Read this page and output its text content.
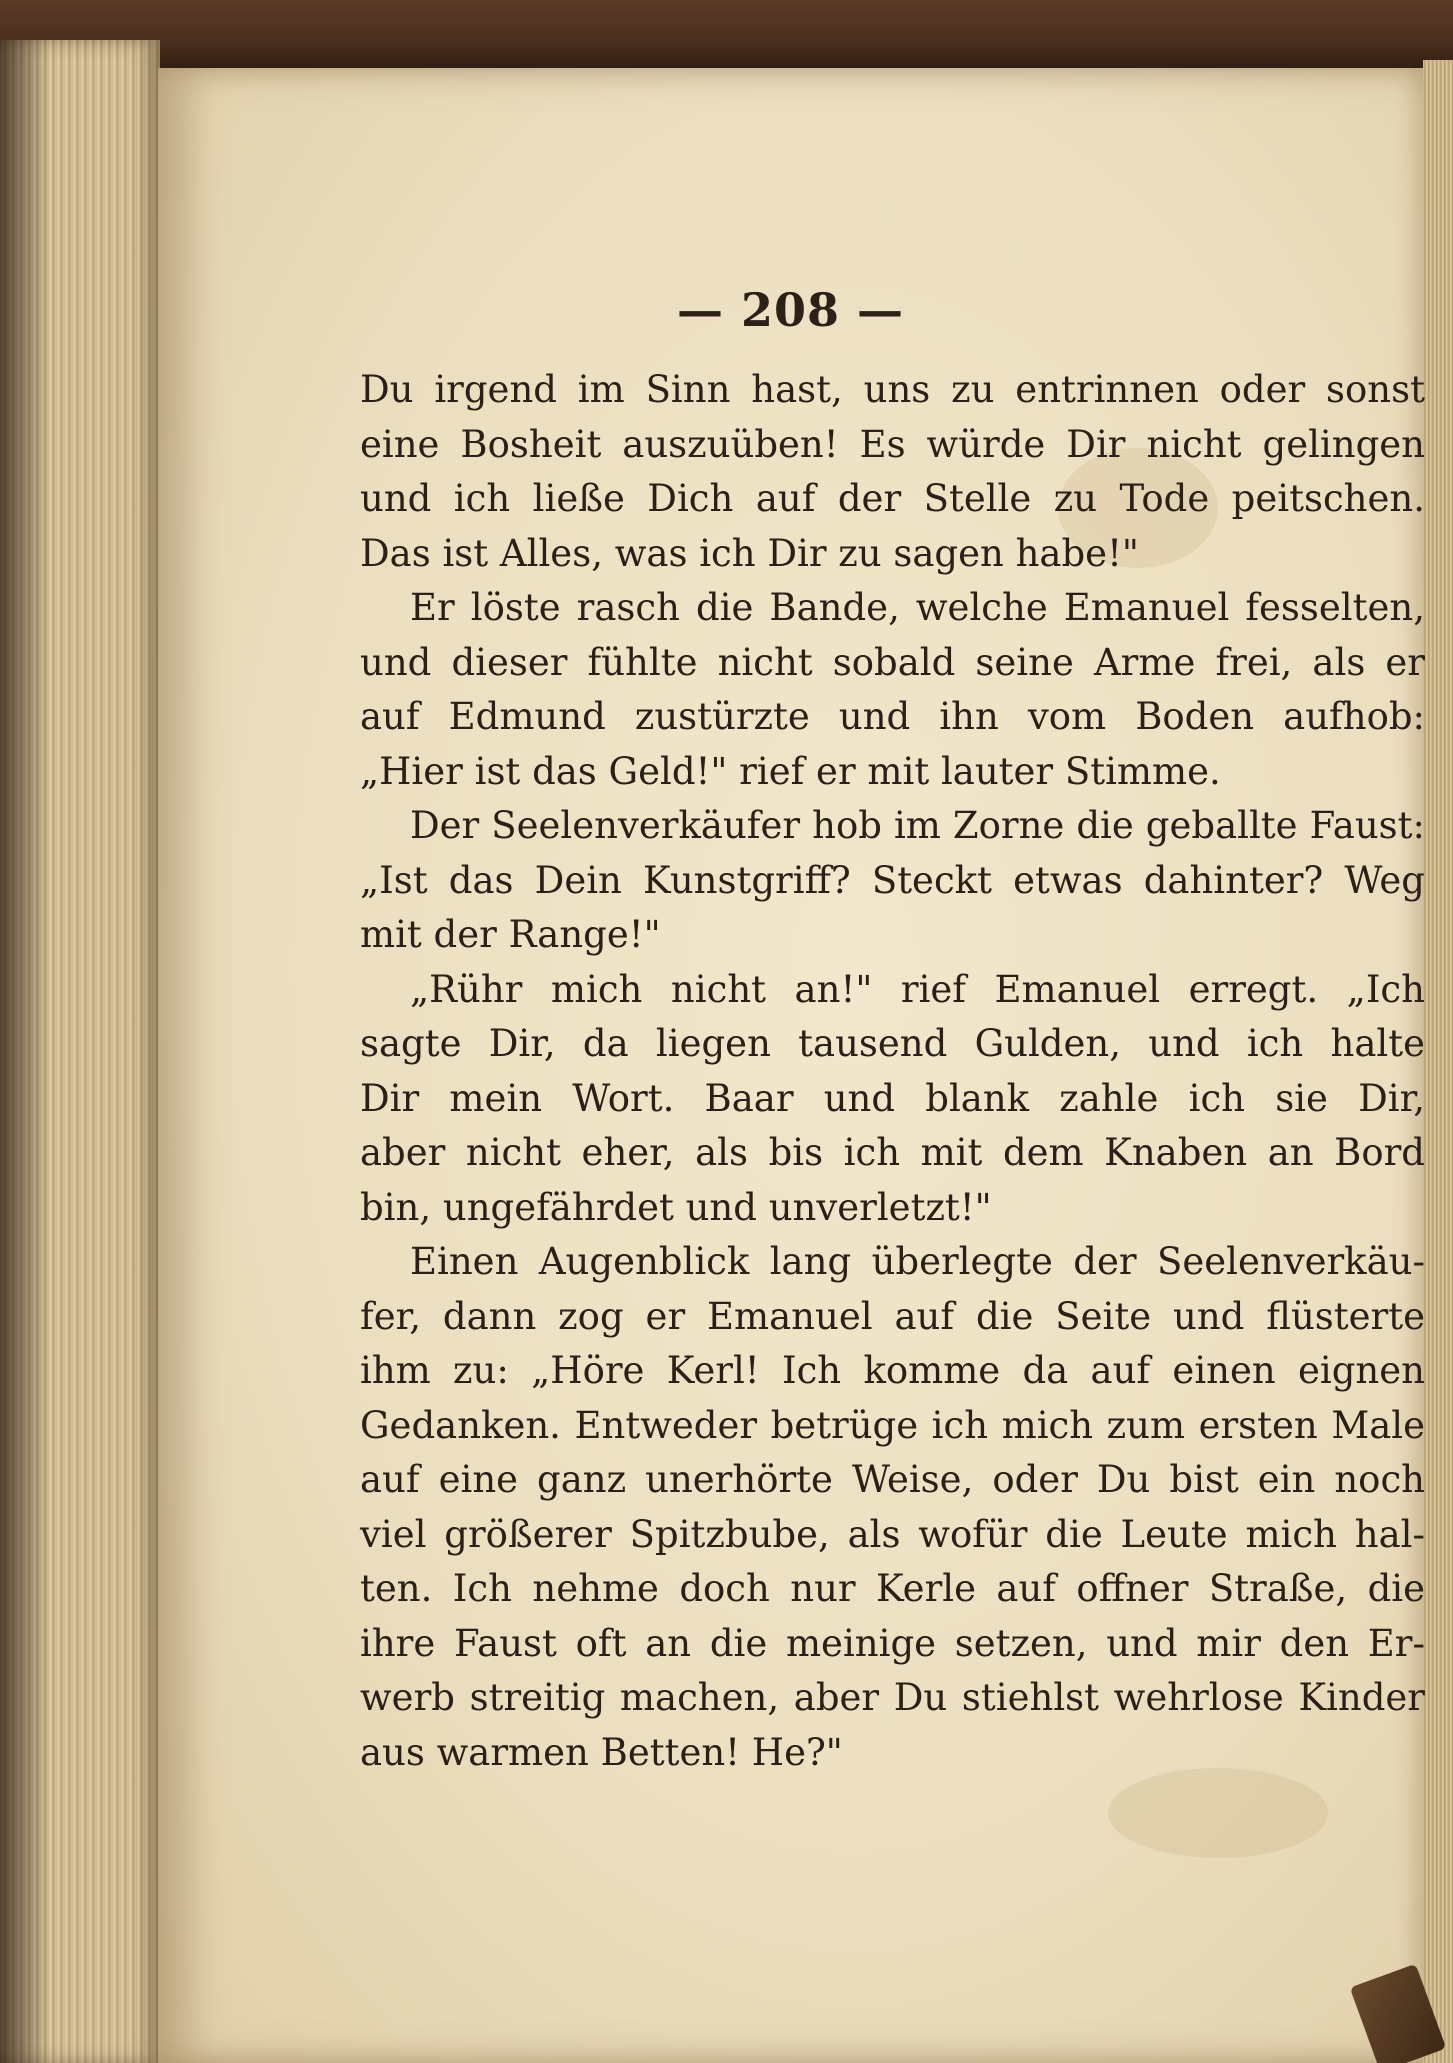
— 208 —
Du irgend im Sinn hast, uns zu entrinnen oder sonst
eine Bosheit auszuüben! Es würde Dir nicht gelingen
und ich ließe Dich auf der Stelle zu Tode peitschen.
Das ist Alles, was ich Dir zu sagen habe!"
Er löste rasch die Bande, welche Emanuel fesselten,
und dieser fühlte nicht sobald seine Arme frei, als er
auf Edmund zustürzte und ihn vom Boden aufhob:
„Hier ist das Geld!" rief er mit lauter Stimme.
Der Seelenverkäufer hob im Zorne die geballte Faust:
„Ist das Dein Kunstgriff? Steckt etwas dahinter? Weg
mit der Range!"
„Rühr mich nicht an!" rief Emanuel erregt. „Ich
sagte Dir, da liegen tausend Gulden, und ich halte
Dir mein Wort. Baar und blank zahle ich sie Dir,
aber nicht eher, als bis ich mit dem Knaben an Bord
bin, ungefährdet und unverletzt!"
Einen Augenblick lang überlegte der Seelenverkäu-
fer, dann zog er Emanuel auf die Seite und flüsterte
ihm zu: „Höre Kerl! Ich komme da auf einen eignen
Gedanken. Entweder betrüge ich mich zum ersten Male
auf eine ganz unerhörte Weise, oder Du bist ein noch
viel größerer Spitzbube, als wofür die Leute mich hal-
ten. Ich nehme doch nur Kerle auf offner Straße, die
ihre Faust oft an die meinige setzen, und mir den Er-
werb streitig machen, aber Du stiehlst wehrlose Kinder
aus warmen Betten! He?"
